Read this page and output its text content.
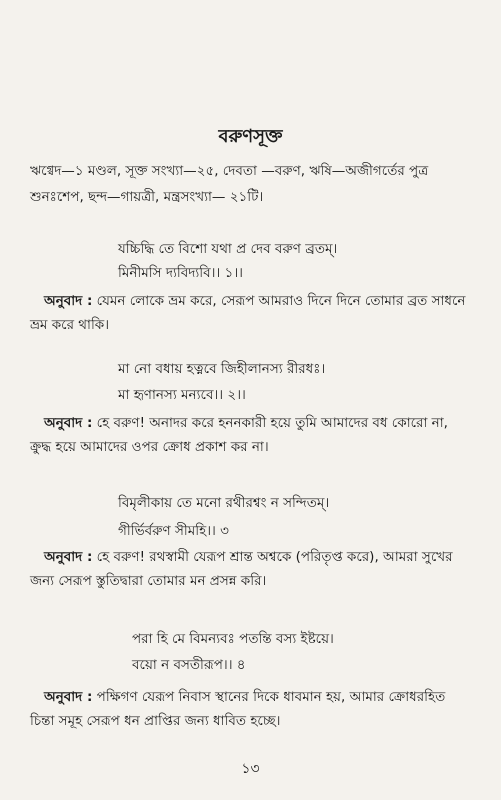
বরুণসূক্ত
ঋগ্বেদ—১ মণ্ডল, সূক্ত সংখ্যা—২৫, দেবতা —বরুণ, ঋষি—অজীগর্তের পুত্র
শুনঃশেপ, ছন্দ—গায়ত্রী, মন্ত্রসংখ্যা— ২১টি।
যচ্চিদ্ধি তে বিশো যথা প্র দেব বরুণ ব্রতম্।
মিনীমসি দ্যবিদ্যবি।। ১।।
অনুবাদ : যেমন লোকে ভ্রম করে, সেরূপ আমরাও দিনে দিনে তোমার ব্রত সাধনে
ভ্রম করে থাকি।
মা নো বধায় হত্নবে জিহীলানস্য রীরধঃ।
মা হৃণানস্য মন্যবে।। ২।।
অনুবাদ : হে বরুণ! অনাদর করে হননকারী হয়ে তুমি আমাদের বধ কোরো না,
ক্রুদ্ধ হয়ে আমাদের ওপর ক্রোধ প্রকাশ কর না।
বিমৃলীকায় তে মনো রথীরশ্বং ন সন্দিতম্।
গীর্ভির্বরুণ সীমহি।। ৩
অনুবাদ : হে বরুণ! রথস্বামী যেরূপ শ্রান্ত অশ্বকে (পরিতৃপ্ত করে), আমরা সুখের
জন্য সেরূপ স্তুতিদ্বারা তোমার মন প্রসন্ন করি।
পরা হি মে বিমন্যবঃ পতন্তি বস্য ইষ্টয়ে।
বয়ো ন বসতীরূপ।। ৪
অনুবাদ : পক্ষিগণ যেরূপ নিবাস স্থানের দিকে ধাবমান হয়, আমার ক্রোধরহিত
চিন্তা সমূহ সেরূপ ধন প্রাপ্তির জন্য ধাবিত হচ্ছে।
১৩
